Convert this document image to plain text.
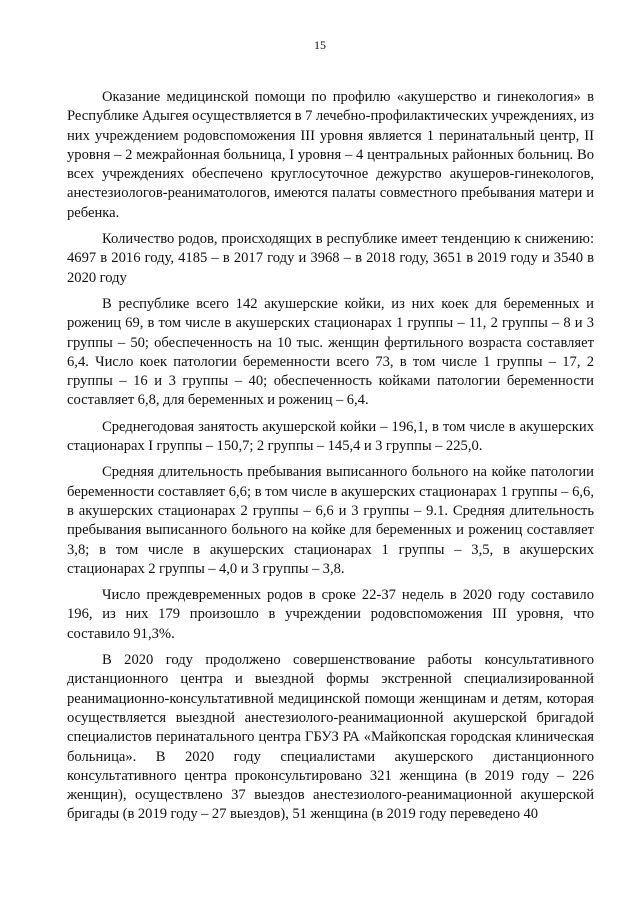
15

Оказание медицинской помощи по профилю «акушерство и гинекология» в Республике Адыгея осуществляется в 7 лечебно-профилактических учреждениях, из них учреждением родовспоможения III уровня является 1 перинатальный центр, II уровня – 2 межрайонная больница, I уровня – 4 центральных районных больниц. Во всех учреждениях обеспечено круглосуточное дежурство акушеров-гинекологов, анестезиологов-реаниматологов, имеются палаты совместного пребывания матери и ребенка.

Количество родов, происходящих в республике имеет тенденцию к снижению: 4697 в 2016 году, 4185 – в 2017 году и 3968 – в 2018 году, 3651 в 2019 году и 3540 в 2020 году

В республике всего 142 акушерские койки, из них коек для беременных и рожениц 69, в том числе в акушерских стационарах 1 группы – 11, 2 группы – 8 и 3 группы – 50; обеспеченность на 10 тыс. женщин фертильного возраста составляет 6,4. Число коек патологии беременности всего 73, в том числе 1 группы – 17, 2 группы – 16 и 3 группы – 40; обеспеченность койками патологии беременности составляет 6,8, для беременных и рожениц – 6,4.

Среднегодовая занятость акушерской койки – 196,1, в том числе в акушерских стационарах I группы – 150,7; 2 группы – 145,4 и 3 группы – 225,0.

Средняя длительность пребывания выписанного больного на койке патологии беременности составляет 6,6; в том числе в акушерских стационарах 1 группы – 6,6, в акушерских стационарах 2 группы – 6,6 и 3 группы – 9.1. Средняя длительность пребывания выписанного больного на койке для беременных и рожениц составляет 3,8; в том числе в акушерских стационарах 1 группы – 3,5, в акушерских стационарах 2 группы – 4,0 и 3 группы – 3,8.

Число преждевременных родов в сроке 22-37 недель в 2020 году составило 196, из них 179 произошло в учреждении родовспоможения III уровня, что составило 91,3%.

В 2020 году продолжено совершенствование работы консультативного дистанционного центра и выездной формы экстренной специализированной реанимационно-консультативной медицинской помощи женщинам и детям, которая осуществляется выездной анестезиолого-реанимационной акушерской бригадой специалистов перинатального центра ГБУЗ РА «Майкопская городская клиническая больница». В 2020 году специалистами акушерского дистанционного консультативного центра проконсультировано 321 женщина (в 2019 году – 226 женщин), осуществлено 37 выездов анестезиолого-реанимационной акушерской бригады (в 2019 году – 27 выездов), 51 женщина (в 2019 году переведено 40
